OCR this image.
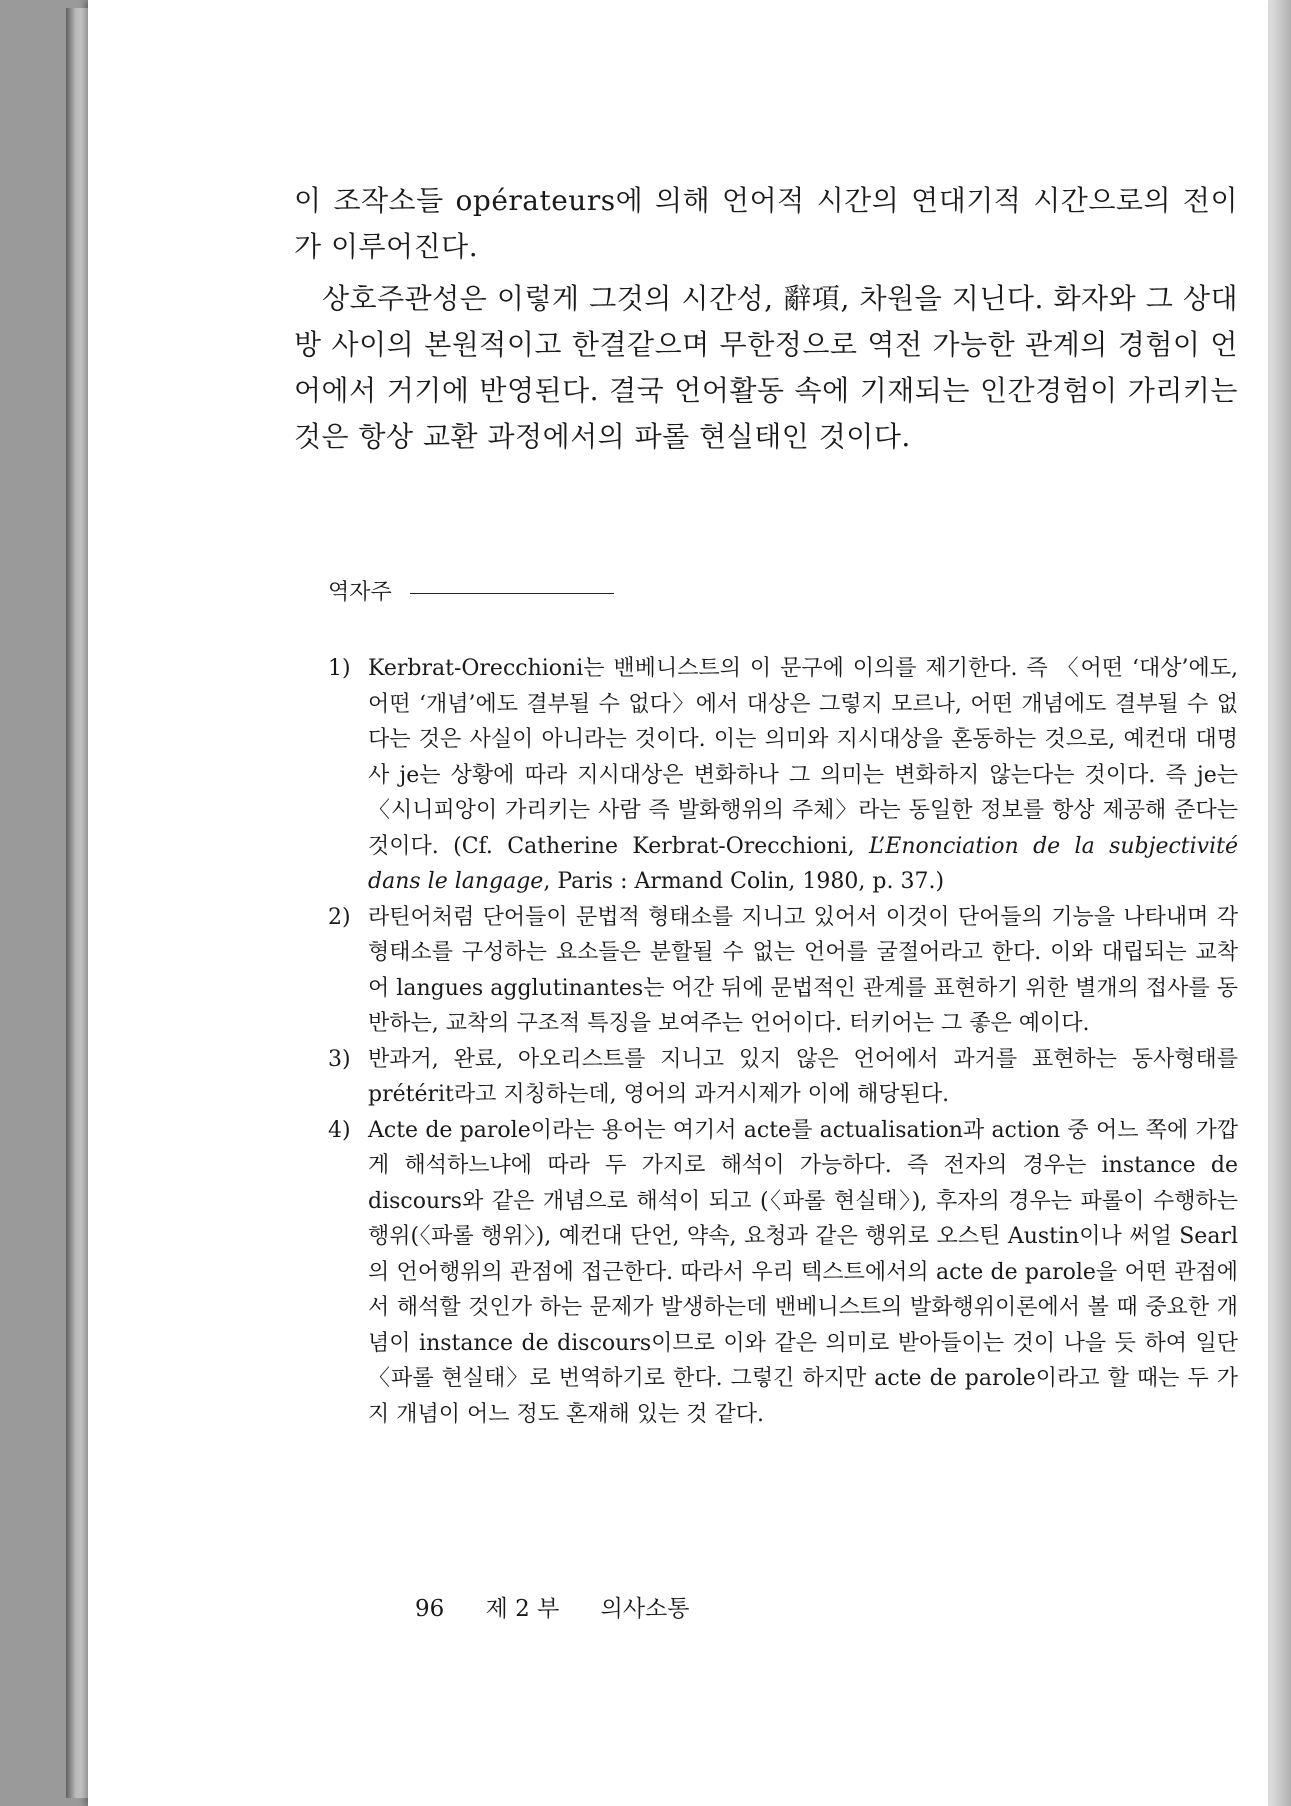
이 조작소들 opérateurs에 의해 언어적 시간의 연대기적 시간으로의 전이가 이루어진다.

상호주관성은 이렇게 그것의 시간성, 辭項, 차원을 지닌다. 화자와 그 상대방 사이의 본원적이고 한결같으며 무한정으로 역전 가능한 관계의 경험이 언어에서 거기에 반영된다. 결국 언어활동 속에 기재되는 인간경험이 가리키는 것은 항상 교환 과정에서의 파롤 현실태인 것이다.

역자주
1) Kerbrat-Orecchioni는 밴베니스트의 이 문구에 이의를 제기한다. 즉 〈어떤 ‘대상’에도, 어떤 ‘개념’에도 결부될 수 없다〉에서 대상은 그렇지 모르나, 어떤 개념에도 결부될 수 없다는 것은 사실이 아니라는 것이다. 이는 의미와 지시대상을 혼동하는 것으로, 예컨대 대명사 je는 상황에 따라 지시대상은 변화하나 그 의미는 변화하지 않는다는 것이다. 즉 je는 〈시니피앙이 가리키는 사람 즉 발화행위의 주체〉라는 동일한 정보를 항상 제공해 준다는 것이다. (Cf. Catherine Kerbrat-Orecchioni, L’Enonciation de la subjectivité dans le langage, Paris : Armand Colin, 1980, p. 37.)
2) 라틴어처럼 단어들이 문법적 형태소를 지니고 있어서 이것이 단어들의 기능을 나타내며 각 형태소를 구성하는 요소들은 분할될 수 없는 언어를 굴절어라고 한다. 이와 대립되는 교착어 langues agglutinantes는 어간 뒤에 문법적인 관계를 표현하기 위한 별개의 접사를 동반하는, 교착의 구조적 특징을 보여주는 언어이다. 터키어는 그 좋은 예이다.
3) 반과거, 완료, 아오리스트를 지니고 있지 않은 언어에서 과거를 표현하는 동사형태를 prétérit라고 지칭하는데, 영어의 과거시제가 이에 해당된다.
4) Acte de parole이라는 용어는 여기서 acte를 actualisation과 action 중 어느 쪽에 가깝게 해석하느냐에 따라 두 가지로 해석이 가능하다. 즉 전자의 경우는 instance de discours와 같은 개념으로 해석이 되고 (〈파롤 현실태〉), 후자의 경우는 파롤이 수행하는 행위(〈파롤 행위〉), 예컨대 단언, 약속, 요청과 같은 행위로 오스틴 Austin이나 써얼 Searl의 언어행위의 관점에 접근한다. 따라서 우리 텍스트에서의 acte de parole을 어떤 관점에서 해석할 것인가 하는 문제가 발생하는데 밴베니스트의 발화행위이론에서 볼 때 중요한 개념이 instance de discours이므로 이와 같은 의미로 받아들이는 것이 나을 듯 하여 일단 〈파롤 현실태〉로 번역하기로 한다. 그렇긴 하지만 acte de parole이라고 할 때는 두 가지 개념이 어느 정도 혼재해 있는 것 같다.
96 제 2 부 의사소통
